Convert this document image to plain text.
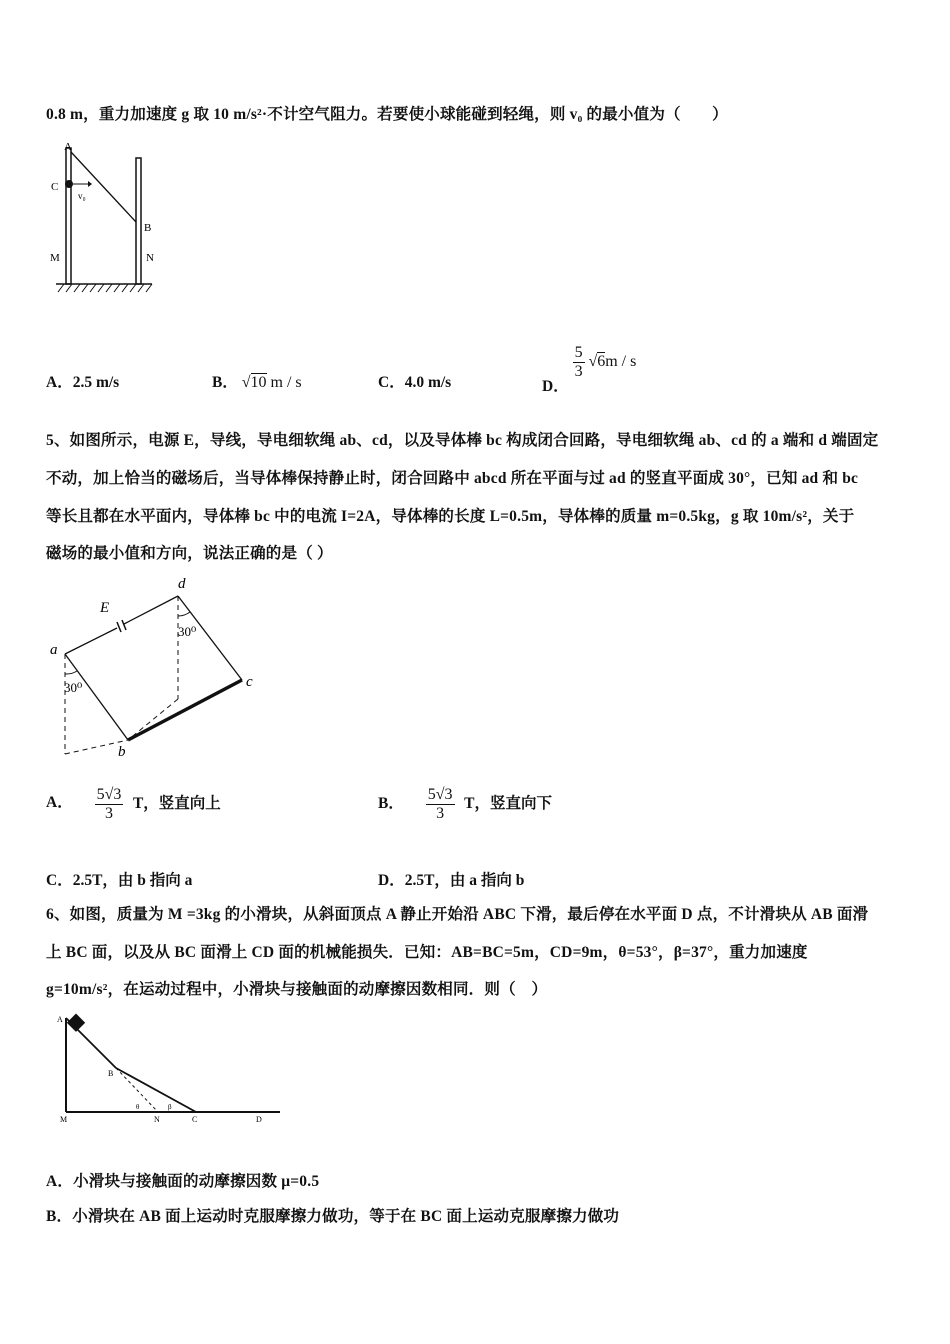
0.8 m，重力加速度 g 取 10 m/s²·不计空气阻力。若要使小球能碰到轻绳，则 v₀ 的最小值为（　　）
A
C
v₀
B
M	N
A．2.5 m/s	B． √10 m / s	C．4.0 m/s	D．
$\frac{5}{3} √6m$ / s
5、如图所示，电源 E，导线，导电细软绳 ab、cd，以及导体棒 bc 构成闭合回路，导电细软绳 ab、cd 的 a 端和 d 端固定
不动，加上恰当的磁场后，当导体棒保持静止时，闭合回路中 abcd 所在平面与过 ad 的竖直平面成 30°，已知 ad 和 bc
等长且都在水平面内，导体棒 bc 中的电流 I=2A，导体棒的长度 L=0.5m，导体棒的质量 m=0.5kg，g 取 10m/s²，关于
磁场的最小值和方向，说法正确的是（ ）
a
d
E
c
b
30⁰
30⁰
A． $\frac{5√3}{3}$ T，竖直向上	B． $\frac{5√3}{3}$ T，竖直向下
C．2.5T，由 b 指向 a	D．2.5T，由 a 指向 b
6、如图，质量为 M =3kg 的小滑块，从斜面顶点 A 静止开始沿 ABC 下滑，最后停在水平面 D 点，不计滑块从 AB 面滑
上 BC 面，以及从 BC 面滑上 CD 面的机械能损失．已知：AB=BC=5m，CD=9m，θ=53°，β=37°，重力加速度
g=10m/s²，在运动过程中，小滑块与接触面的动摩擦因数相同．则（　）
A
B
M	N	C	D
θ	β
A．小滑块与接触面的动摩擦因数 μ=0.5
B．小滑块在 AB 面上运动时克服摩擦力做功，等于在 BC 面上运动克服摩擦力做功
